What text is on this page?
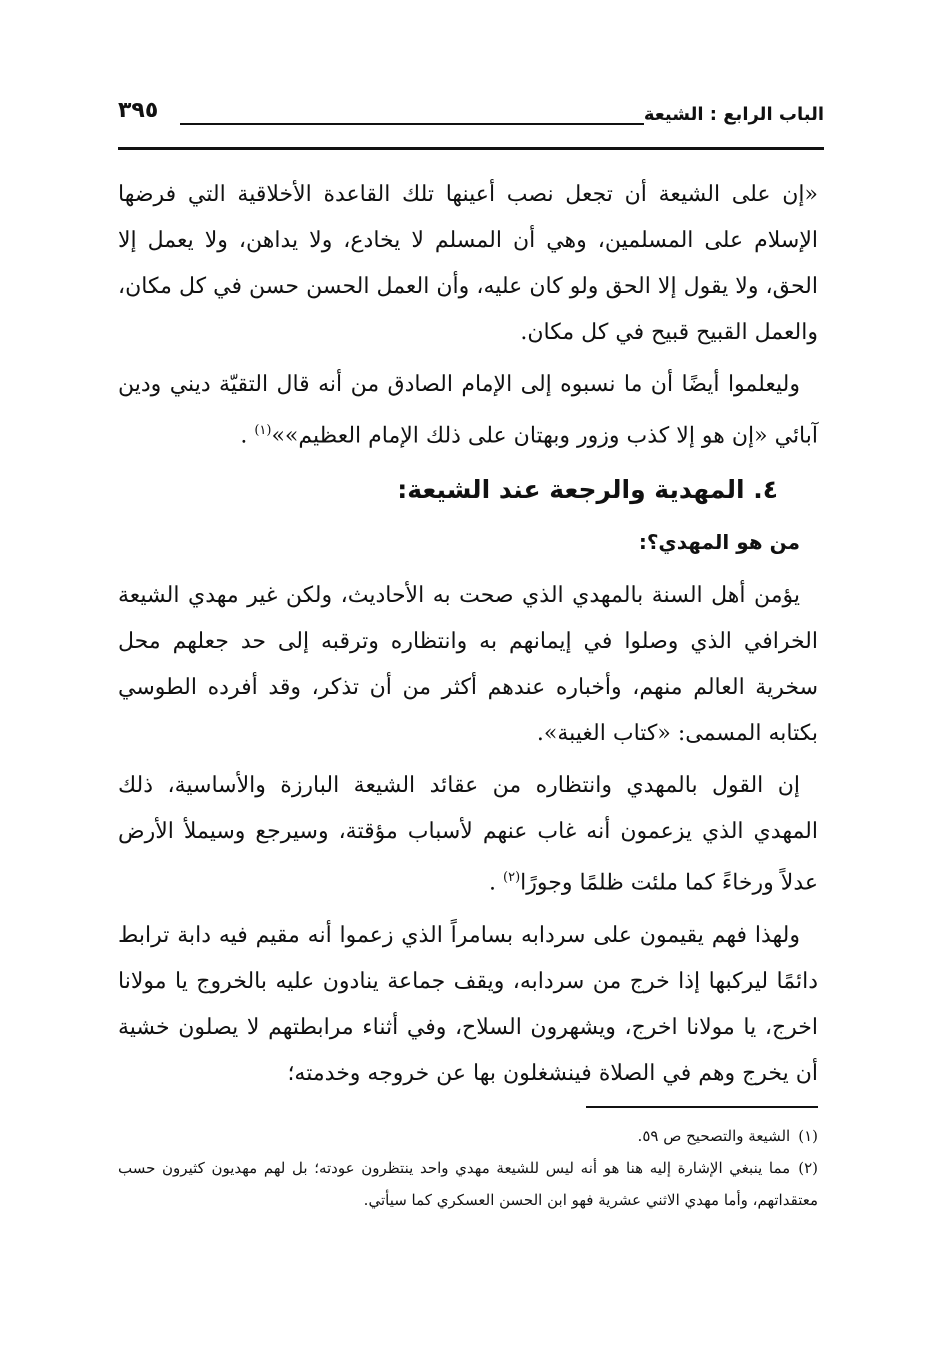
الباب الرابع : الشيعة
٣٩٥

«إن على الشيعة أن تجعل نصب أعينها تلك القاعدة الأخلاقية التي فرضها الإسلام على المسلمين، وهي أن المسلم لا يخادع، ولا يداهن، ولا يعمل إلا الحق، ولا يقول إلا الحق ولو كان عليه، وأن العمل الحسن حسن في كل مكان، والعمل القبيح قبيح في كل مكان.

وليعلموا أيضًا أن ما نسبوه إلى الإمام الصادق من أنه قال التقيّة ديني ودين آبائي «إن هو إلا كذب وزور وبهتان على ذلك الإمام العظيم»»$^{(١)}$ .

٤. المهدية والرجعة عند الشيعة:
من هو المهدي؟:

يؤمن أهل السنة بالمهدي الذي صحت به الأحاديث، ولكن غير مهدي الشيعة الخرافي الذي وصلوا في إيمانهم به وانتظاره وترقبه إلى حد جعلهم محل سخرية العالم منهم، وأخباره عندهم أكثر من أن تذكر، وقد أفرده الطوسي بكتابه المسمى: «كتاب الغيبة».

إن القول بالمهدي وانتظاره من عقائد الشيعة البارزة والأساسية، ذلك المهدي الذي يزعمون أنه غاب عنهم لأسباب مؤقتة، وسيرجع وسيملأ الأرض عدلاً ورخاءً كما ملئت ظلمًا وجورًا$^{(٢)}$ .

ولهذا فهم يقيمون على سردابه بسامراً الذي زعموا أنه مقيم فيه دابة ترابط دائمًا ليركبها إذا خرج من سردابه، ويقف جماعة ينادون عليه بالخروج يا مولانا اخرج، يا مولانا اخرج، ويشهرون السلاح، وفي أثناء مرابطتهم لا يصلون خشية أن يخرج وهم في الصلاة فينشغلون بها عن خروجه وخدمته؛

(١)الشيعة والتصحيح ص ٥٩.

(٢)مما ينبغي الإشارة إليه هنا هو أنه ليس للشيعة مهدي واحد ينتظرون عودته؛ بل لهم مهديون كثيرون حسب معتقداتهم، وأما مهدي الاثني عشرية فهو ابن الحسن العسكري كما سيأتي.
